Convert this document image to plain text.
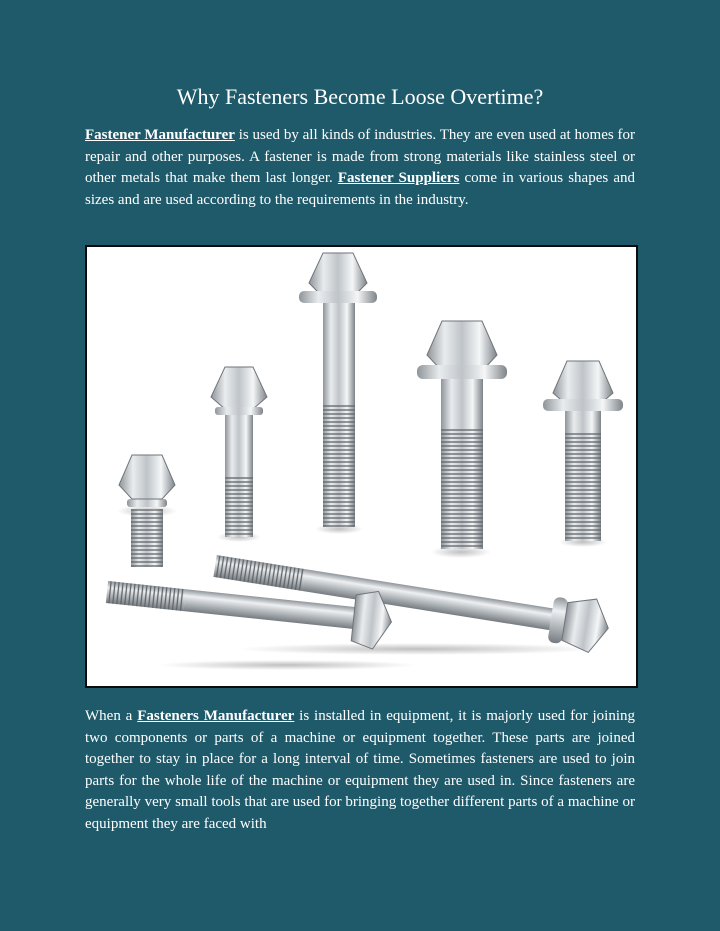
Why Fasteners Become Loose Overtime?

Fastener Manufacturer is used by all kinds of industries. They are even used at homes for repair and other purposes. A fastener is made from strong materials like stainless steel or other metals that make them last longer. Fastener Suppliers come in various shapes and sizes and are used according to the requirements in the industry.

When a Fasteners Manufacturer is installed in equipment, it is majorly used for joining two components or parts of a machine or equipment together. These parts are joined together to stay in place for a long interval of time. Sometimes fasteners are used to join parts for the whole life of the machine or equipment they are used in. Since fasteners are generally very small tools that are used for bringing together different parts of a machine or equipment they are faced with
